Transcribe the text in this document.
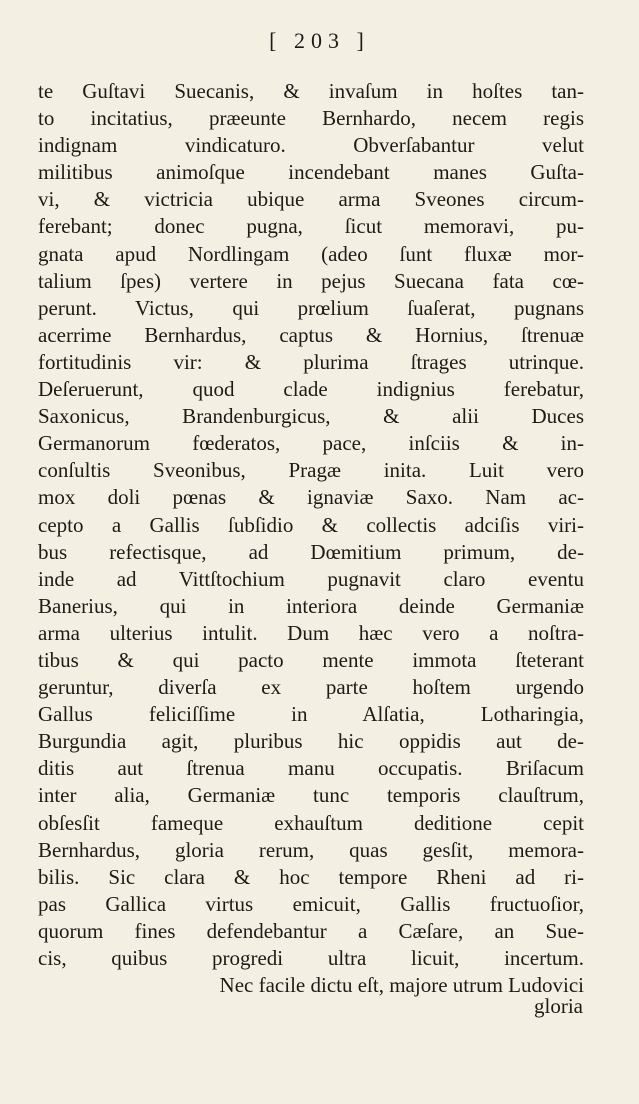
[ 203 ]
te Guſtavi Suecanis, & invaſum in hoſtes tan-
to incitatius, præeunte Bernhardo, necem regis
indignam vindicaturo. Obverſabantur velut
militibus animoſque incendebant manes Guſta-
vi, & victricia ubique arma Sveones circum-
ferebant; donec pugna, ſicut memoravi, pu-
gnata apud Nordlingam (adeo ſunt fluxæ mor-
talium ſpes) vertere in pejus Suecana fata cœ-
perunt. Victus, qui prœlium ſuaſerat, pugnans
acerrime Bernhardus, captus & Hornius, ſtrenuæ
fortitudinis vir: & plurima ſtrages utrinque.
Deſeruerunt, quod clade indignius ferebatur,
Saxonicus, Brandenburgicus, & alii Duces
Germanorum fœderatos, pace, inſciis & in-
conſultis Sveonibus, Pragæ inita. Luit vero
mox doli pœnas & ignaviæ Saxo. Nam ac-
cepto a Gallis ſubſidio & collectis adciſis viri-
bus refectisque, ad Dœmitium primum, de-
inde ad Vittſtochium pugnavit claro eventu
Banerius, qui in interiora deinde Germaniæ
arma ulterius intulit. Dum hæc vero a noſtra-
tibus & qui pacto mente immota ſteterant
geruntur, diverſa ex parte hoſtem urgendo
Gallus feliciſſime in Alſatia, Lotharingia,
Burgundia agit, pluribus hic oppidis aut de-
ditis aut ſtrenua manu occupatis. Briſacum
inter alia, Germaniæ tunc temporis clauſtrum,
obſesſit fameque exhauſtum deditione cepit
Bernhardus, gloria rerum, quas gesſit, memora-
bilis. Sic clara & hoc tempore Rheni ad ri-
pas Gallica virtus emicuit, Gallis fructuoſior,
quorum fines defendebantur a Cæſare, an Sue-
cis, quibus progredi ultra licuit, incertum.
Nec facile dictu eſt, majore utrum Ludovici
gloria
